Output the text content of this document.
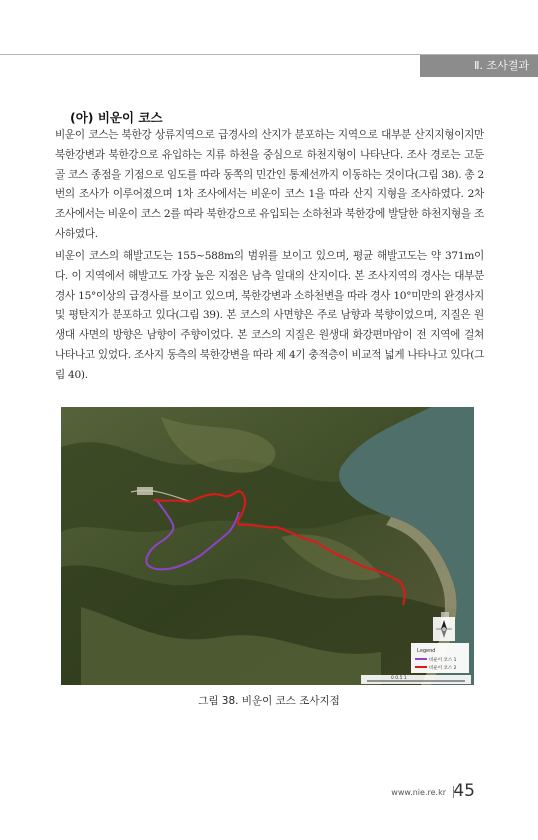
Ⅱ. 조사결과
(아) 비운이 코스

비운이 코스는 북한강 상류지역으로 급경사의 산지가 분포하는 지역으로 대부분 산지지형이지만 북한강변과 북한강으로 유입하는 지류 하천을 중심으로 하천지형이 나타난다. 조사 경로는 고둔골 코스 종점을 기점으로 임도를 따라 동쪽의 민간인 통제선까지 이동하는 것이다(그림 38). 총 2번의 조사가 이루어졌으며 1차 조사에서는 비운이 코스 1을 따라 산지 지형을 조사하였다. 2차 조사에서는 비운이 코스 2를 따라 북한강으로 유입되는 소하천과 북한강에 발달한 하천지형을 조사하였다.

비운이 코스의 해발고도는 155~588m의 범위를 보이고 있으며, 평균 해발고도는 약 371m이다. 이 지역에서 해발고도 가장 높은 지점은 남측 일대의 산지이다. 본 조사지역의 경사는 대부분 경사 15°이상의 급경사를 보이고 있으며, 북한강변과 소하천변을 따라 경사 10°미만의 완경사지 및 평탄지가 분포하고 있다(그림 39). 본 코스의 사면향은 주로 남향과 북향이었으며, 지질은 원생대 사면의 방향은 남향이 주향이었다. 본 코스의 지질은 원생대 화강편마암이 전 지역에 걸쳐 나타나고 있었다. 조사지 동측의 북한강변을 따라 제 4기 충적층이 비교적 넓게 나타나고 있다(그림 40).

Legend
비운이 코스 1
비운이 코스 2
0 0.5 1
그림 38. 비운이 코스 조사지점
www.nie.re.kr 45
